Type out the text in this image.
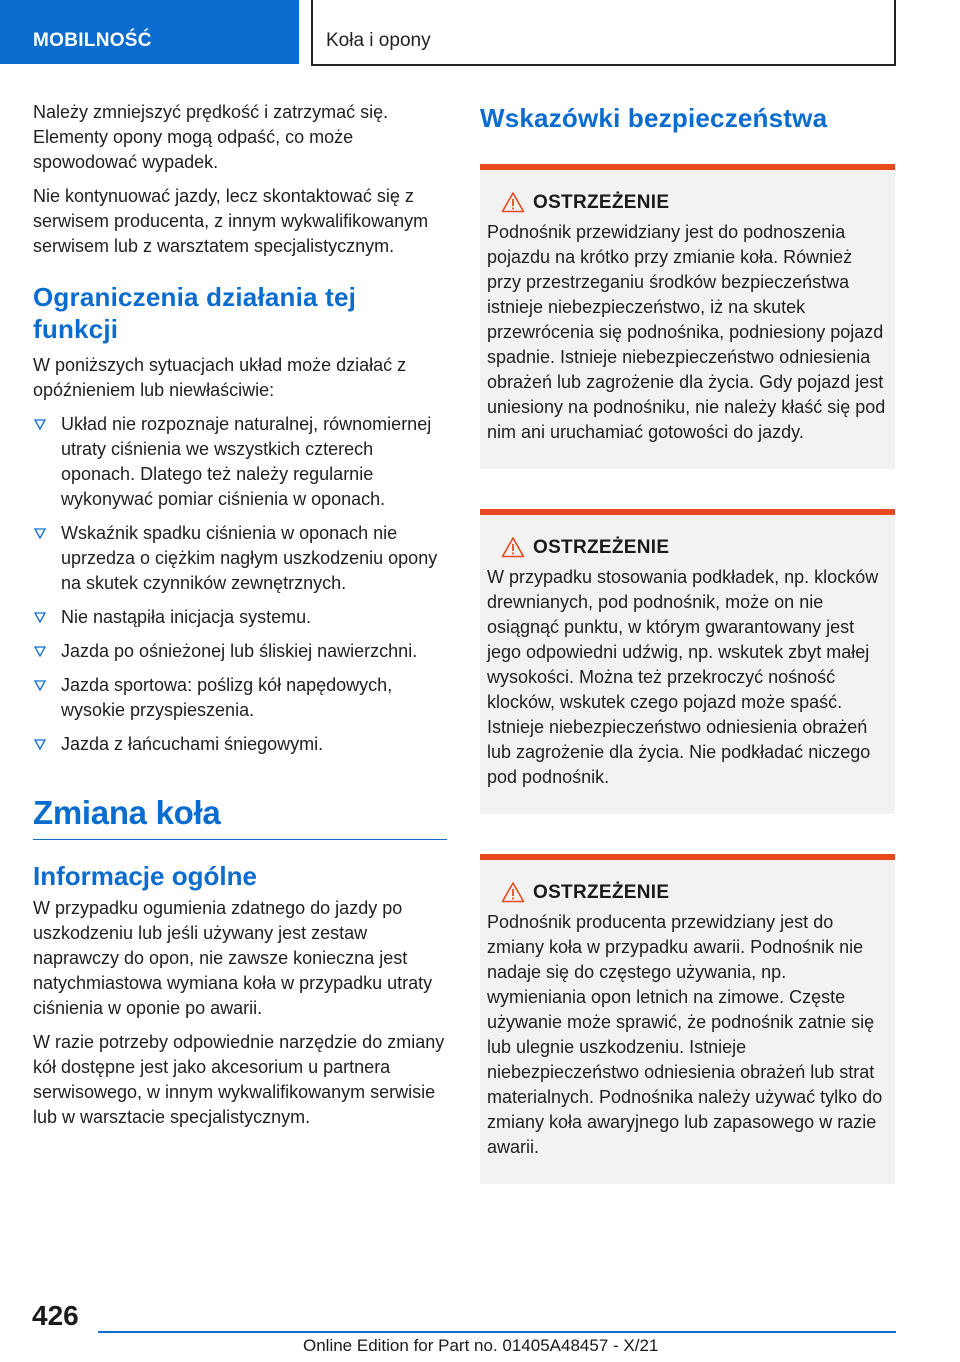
MOBILNOŚĆ	Koła i opony

Należy zmniejszyć prędkość i zatrzymać się. Elementy opony mogą odpaść, co może spowodować wypadek.

Nie kontynuować jazdy, lecz skontaktować się z serwisem producenta, z innym wykwalifikowanym serwisem lub z warsztatem specjalistycznym.

Ograniczenia działania tej funkcji

W poniższych sytuacjach układ może działać z opóźnieniem lub niewłaściwie:

Układ nie rozpoznaje naturalnej, równomiernej utraty ciśnienia we wszystkich czterech oponach. Dlatego też należy regularnie wykonywać pomiar ciśnienia w oponach.
Wskaźnik spadku ciśnienia w oponach nie uprzedza o ciężkim nagłym uszkodzeniu opony na skutek czynników zewnętrznych.
Nie nastąpiła inicjacja systemu.
Jazda po ośnieżonej lub śliskiej nawierzchni.
Jazda sportowa: poślizg kół napędowych, wysokie przyspieszenia.
Jazda z łańcuchami śniegowymi.
Zmiana koła
Informacje ogólne

W przypadku ogumienia zdatnego do jazdy po uszkodzeniu lub jeśli używany jest zestaw naprawczy do opon, nie zawsze konieczna jest natychmiastowa wymiana koła w przypadku utraty ciśnienia w oponie po awarii.

W razie potrzeby odpowiednie narzędzie do zmiany kół dostępne jest jako akcesorium u partnera serwisowego, w innym wykwalifikowanym serwisie lub w warsztacie specjalistycznym.

Wskazówki bezpieczeństwa
OSTRZEŻENIE

Podnośnik przewidziany jest do podnoszenia pojazdu na krótko przy zmianie koła. Również przy przestrzeganiu środków bezpieczeństwa istnieje niebezpieczeństwo, iż na skutek przewrócenia się podnośnika, podniesiony pojazd spadnie. Istnieje niebezpieczeństwo odniesienia obrażeń lub zagrożenie dla życia. Gdy pojazd jest uniesiony na podnośniku, nie należy kłaść się pod nim ani uruchamiać gotowości do jazdy.

OSTRZEŻENIE

W przypadku stosowania podkładek, np. klocków drewnianych, pod podnośnik, może on nie osiągnąć punktu, w którym gwarantowany jest jego odpowiedni udźwig, np. wskutek zbyt małej wysokości. Można też przekroczyć nośność klocków, wskutek czego pojazd może spaść. Istnieje niebezpieczeństwo odniesienia obrażeń lub zagrożenie dla życia. Nie podkładać niczego pod podnośnik.

OSTRZEŻENIE

Podnośnik producenta przewidziany jest do zmiany koła w przypadku awarii. Podnośnik nie nadaje się do częstego używania, np. wymieniania opon letnich na zimowe. Częste używanie może sprawić, że podnośnik zatnie się lub ulegnie uszkodzeniu. Istnieje niebezpieczeństwo odniesienia obrażeń lub strat materialnych. Podnośnika należy używać tylko do zmiany koła awaryjnego lub zapasowego w razie awarii.

426
Online Edition for Part no. 01405A48457 - X/21
